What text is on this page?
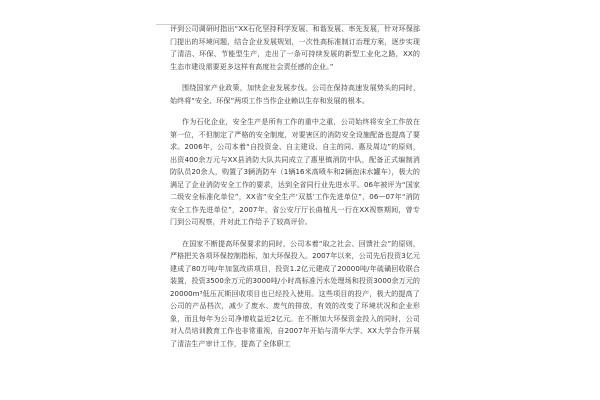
评到公司调研时指出“XX石化坚持科学发展、和谐发展、率先发展，针对环保部门提出的环境问题，结合企业发展规划，一次性高标准制订治理方案，逐步实现了清洁、环保、节能型生产，走出了一条可持续发展的新型工业化之路，XX的生态市建设需要更多这样有高度社会责任感的企业。”

围绕国家产业政策，加快企业发展步伐。公司在保持高速发展势头的同时，始终将“安全、环保”两项工作当作企业赖以生存和发展的根本。

作为石化企业，安全生产是所有工作的重中之重，公司始终将安全工作放在第一位，不但制定了严格的安全制度，对要害区的消防安全设施配备也提高了要求。2006年，公司本着“自投资金、自主建设、自主的同、惠及周边”的原则，出资400余万元与XX县消防大队共同成立了惠里镇消防中队，配备正式编制消防队员20余人，购置了3辆消防车（1辆16米高喷车和2辆泡沫水罐车），极大的满足了企业消防安全工作的要求，达到全省同行业先进水平。06年被评为“国家二级安全标准化单位”，XX省“安全生产‘双基’工作先进单位”，06—07年“消防安全工作先进单位”，2007年，省公安厅厅长曲植凡一行在XX视察期间，曾专门到公司视察，并对此工作给予了较高评价。

在国家不断提高环保要求的同时，公司本着“取之社会、回馈社会”的原则，严格把关各项环保控制指标，加大环保投入。2007年以来，公司先后投资3亿元建成了80万吨/年加氢改质项目，投资1.2亿元建成了20000吨/年硫磺回收联合装置，投资3500余万元的3000吨/小时高标准污水处理场和投资3000余万元的20000m³低压瓦斯回收项目也已经投入使用。这些项目的投产，极大的提高了公司的产品档次，减少了废水、废气的排放，有效的改变了环境状况和企业形象，而且每年为公司净增收益近2亿元。在不断加大环保资金投入的同时，公司对人员培训教育工作也非常重视，自2007年开始与清华大学、XX大学合作开展了清洁生产审计工作，提高了全体职工
